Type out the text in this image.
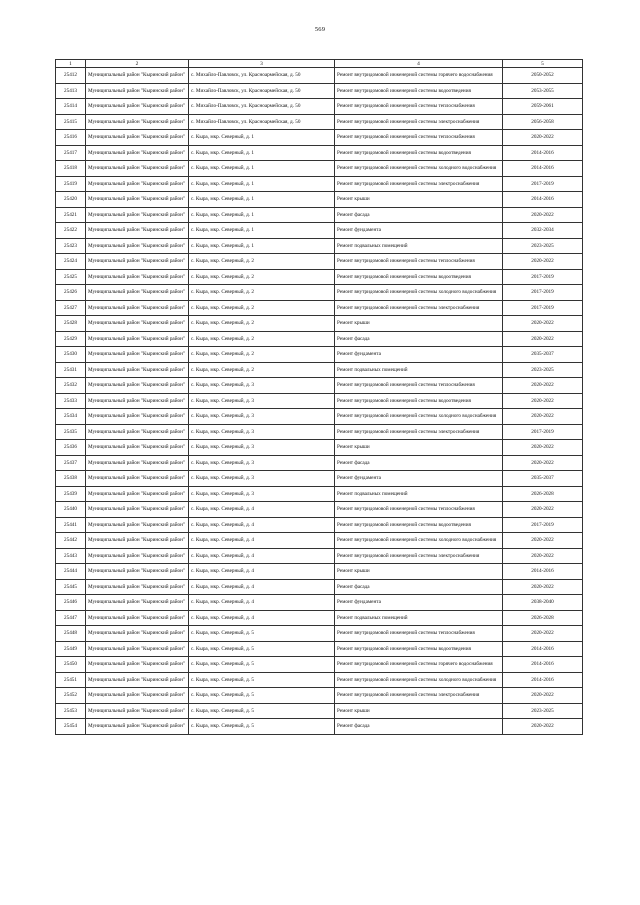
569
1	2	3	4	5
25412	Муниципальный район "Кыринский район"	с. Михайло-Павловск, ул. Красноармейская, д. 50	Ремонт внутридомовой инженерной системы горячего водоснабжения	2050-2052
25413	Муниципальный район "Кыринский район"	с. Михайло-Павловск, ул. Красноармейская, д. 50	Ремонт внутридомовой инженерной системы водоотведения	2053-2055
25414	Муниципальный район "Кыринский район"	с. Михайло-Павловск, ул. Красноармейская, д. 50	Ремонт внутридомовой инженерной системы теплоснабжения	2059-2061
25415	Муниципальный район "Кыринский район"	с. Михайло-Павловск, ул. Красноармейская, д. 50	Ремонт внутридомовой инженерной системы электроснабжения	2056-2058
25416	Муниципальный район "Кыринский район"	с. Кыра, мкр. Северный, д. 1	Ремонт внутридомовой инженерной системы теплоснабжения	2020-2022
25417	Муниципальный район "Кыринский район"	с. Кыра, мкр. Северный, д. 1	Ремонт внутридомовой инженерной системы водоотведения	2014-2016
25418	Муниципальный район "Кыринский район"	с. Кыра, мкр. Северный, д. 1	Ремонт внутридомовой инженерной системы холодного водоснабжения	2014-2016
25419	Муниципальный район "Кыринский район"	с. Кыра, мкр. Северный, д. 1	Ремонт внутридомовой инженерной системы электроснабжения	2017-2019
25420	Муниципальный район "Кыринский район"	с. Кыра, мкр. Северный, д. 1	Ремонт крыши	2014-2016
25421	Муниципальный район "Кыринский район"	с. Кыра, мкр. Северный, д. 1	Ремонт фасада	2020-2022
25422	Муниципальный район "Кыринский район"	с. Кыра, мкр. Северный, д. 1	Ремонт фундамента	2032-2034
25423	Муниципальный район "Кыринский район"	с. Кыра, мкр. Северный, д. 1	Ремонт подвальных помещений	2023-2025
25424	Муниципальный район "Кыринский район"	с. Кыра, мкр. Северный, д. 2	Ремонт внутридомовой инженерной системы теплоснабжения	2020-2022
25425	Муниципальный район "Кыринский район"	с. Кыра, мкр. Северный, д. 2	Ремонт внутридомовой инженерной системы водоотведения	2017-2019
25426	Муниципальный район "Кыринский район"	с. Кыра, мкр. Северный, д. 2	Ремонт внутридомовой инженерной системы холодного водоснабжения	2017-2019
25427	Муниципальный район "Кыринский район"	с. Кыра, мкр. Северный, д. 2	Ремонт внутридомовой инженерной системы электроснабжения	2017-2019
25428	Муниципальный район "Кыринский район"	с. Кыра, мкр. Северный, д. 2	Ремонт крыши	2020-2022
25429	Муниципальный район "Кыринский район"	с. Кыра, мкр. Северный, д. 2	Ремонт фасада	2020-2022
25430	Муниципальный район "Кыринский район"	с. Кыра, мкр. Северный, д. 2	Ремонт фундамента	2035-2037
25431	Муниципальный район "Кыринский район"	с. Кыра, мкр. Северный, д. 2	Ремонт подвальных помещений	2023-2025
25432	Муниципальный район "Кыринский район"	с. Кыра, мкр. Северный, д. 3	Ремонт внутридомовой инженерной системы теплоснабжения	2020-2022
25433	Муниципальный район "Кыринский район"	с. Кыра, мкр. Северный, д. 3	Ремонт внутридомовой инженерной системы водоотведения	2020-2022
25434	Муниципальный район "Кыринский район"	с. Кыра, мкр. Северный, д. 3	Ремонт внутридомовой инженерной системы холодного водоснабжения	2020-2022
25435	Муниципальный район "Кыринский район"	с. Кыра, мкр. Северный, д. 3	Ремонт внутридомовой инженерной системы электроснабжения	2017-2019
25436	Муниципальный район "Кыринский район"	с. Кыра, мкр. Северный, д. 3	Ремонт крыши	2020-2022
25437	Муниципальный район "Кыринский район"	с. Кыра, мкр. Северный, д. 3	Ремонт фасада	2020-2022
25438	Муниципальный район "Кыринский район"	с. Кыра, мкр. Северный, д. 3	Ремонт фундамента	2035-2037
25439	Муниципальный район "Кыринский район"	с. Кыра, мкр. Северный, д. 3	Ремонт подвальных помещений	2026-2028
25440	Муниципальный район "Кыринский район"	с. Кыра, мкр. Северный, д. 4	Ремонт внутридомовой инженерной системы теплоснабжения	2020-2022
25441	Муниципальный район "Кыринский район"	с. Кыра, мкр. Северный, д. 4	Ремонт внутридомовой инженерной системы водоотведения	2017-2019
25442	Муниципальный район "Кыринский район"	с. Кыра, мкр. Северный, д. 4	Ремонт внутридомовой инженерной системы холодного водоснабжения	2020-2022
25443	Муниципальный район "Кыринский район"	с. Кыра, мкр. Северный, д. 4	Ремонт внутридомовой инженерной системы электроснабжения	2020-2022
25444	Муниципальный район "Кыринский район"	с. Кыра, мкр. Северный, д. 4	Ремонт крыши	2014-2016
25445	Муниципальный район "Кыринский район"	с. Кыра, мкр. Северный, д. 4	Ремонт фасада	2020-2022
25446	Муниципальный район "Кыринский район"	с. Кыра, мкр. Северный, д. 4	Ремонт фундамента	2038-2040
25447	Муниципальный район "Кыринский район"	с. Кыра, мкр. Северный, д. 4	Ремонт подвальных помещений	2026-2028
25448	Муниципальный район "Кыринский район"	с. Кыра, мкр. Северный, д. 5	Ремонт внутридомовой инженерной системы теплоснабжения	2020-2022
25449	Муниципальный район "Кыринский район"	с. Кыра, мкр. Северный, д. 5	Ремонт внутридомовой инженерной системы водоотведения	2014-2016
25450	Муниципальный район "Кыринский район"	с. Кыра, мкр. Северный, д. 5	Ремонт внутридомовой инженерной системы горячего водоснабжения	2014-2016
25451	Муниципальный район "Кыринский район"	с. Кыра, мкр. Северный, д. 5	Ремонт внутридомовой инженерной системы холодного водоснабжения	2014-2016
25452	Муниципальный район "Кыринский район"	с. Кыра, мкр. Северный, д. 5	Ремонт внутридомовой инженерной системы электроснабжения	2020-2022
25453	Муниципальный район "Кыринский район"	с. Кыра, мкр. Северный, д. 5	Ремонт крыши	2023-2025
25454	Муниципальный район "Кыринский район"	с. Кыра, мкр. Северный, д. 5	Ремонт фасада	2020-2022
